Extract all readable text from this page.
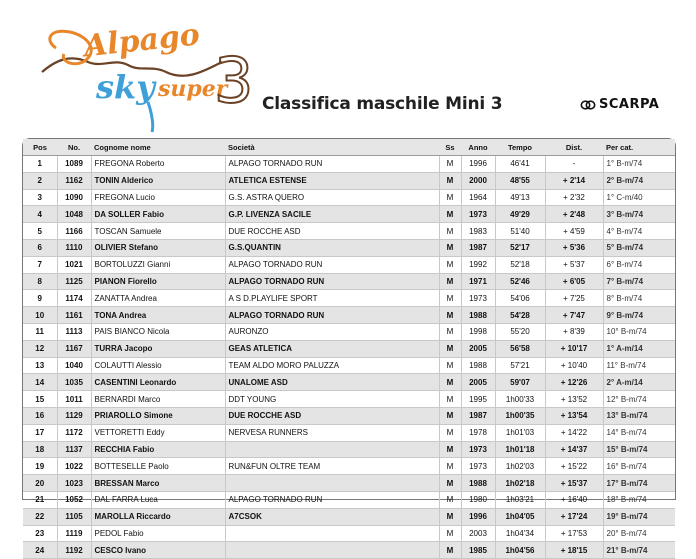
Alpago
sky super
3 Classifica maschile Mini 3	SCARPA
Pos	No.	Cognome nome	Società	Ss	Anno	Tempo	Dist.	Per cat.
1	1089	FREGONA Roberto	ALPAGO TORNADO RUN	M	1996	46'41	-	1° B-m/74
2	1162	TONIN Alderico	ATLETICA ESTENSE	M	2000	48'55	+ 2'14	2° B-m/74
3	1090	FREGONA Lucio	G.S. ASTRA QUERO	M	1964	49'13	+ 2'32	1° C-m/40
4	1048	DA SOLLER Fabio	G.P. LIVENZA SACILE	M	1973	49'29	+ 2'48	3° B-m/74
5	1166	TOSCAN Samuele	DUE ROCCHE ASD	M	1983	51'40	+ 4'59	4° B-m/74
6	1110	OLIVIER Stefano	G.S.QUANTIN	M	1987	52'17	+ 5'36	5° B-m/74
7	1021	BORTOLUZZI Gianni	ALPAGO TORNADO RUN	M	1992	52'18	+ 5'37	6° B-m/74
8	1125	PIANON Fiorello	ALPAGO TORNADO RUN	M	1971	52'46	+ 6'05	7° B-m/74
9	1174	ZANATTA Andrea	A S D.PLAYLIFE SPORT	M	1973	54'06	+ 7'25	8° B-m/74
10	1161	TONA Andrea	ALPAGO TORNADO RUN	M	1988	54'28	+ 7'47	9° B-m/74
11	1113	PAIS BIANCO Nicola	AURONZO	M	1998	55'20	+ 8'39	10° B-m/74
12	1167	TURRA Jacopo	GEAS ATLETICA	M	2005	56'58	+ 10'17	1° A-m/14
13	1040	COLAUTTI Alessio	TEAM ALDO MORO PALUZZA	M	1988	57'21	+ 10'40	11° B-m/74
14	1035	CASENTINI Leonardo	UNALOME ASD	M	2005	59'07	+ 12'26	2° A-m/14
15	1011	BERNARDI Marco	DDT YOUNG	M	1995	1h00'33	+ 13'52	12° B-m/74
16	1129	PRIAROLLO Simone	DUE ROCCHE ASD	M	1987	1h00'35	+ 13'54	13° B-m/74
17	1172	VETTORETTI Eddy	NERVESA RUNNERS	M	1978	1h01'03	+ 14'22	14° B-m/74
18	1137	RECCHIA Fabio		M	1973	1h01'18	+ 14'37	15° B-m/74
19	1022	BOTTESELLE Paolo	RUN&FUN OLTRE TEAM	M	1973	1h02'03	+ 15'22	16° B-m/74
20	1023	BRESSAN Marco		M	1988	1h02'18	+ 15'37	17° B-m/74
21	1052	DAL FARRA Luca	ALPAGO TORNADO RUN	M	1980	1h03'21	+ 16'40	18° B-m/74
22	1105	MAROLLA Riccardo	A7CSOK	M	1996	1h04'05	+ 17'24	19° B-m/74
23	1119	PEDOL Fabio		M	2003	1h04'34	+ 17'53	20° B-m/74
24	1192	CESCO Ivano		M	1985	1h04'56	+ 18'15	21° B-m/74
